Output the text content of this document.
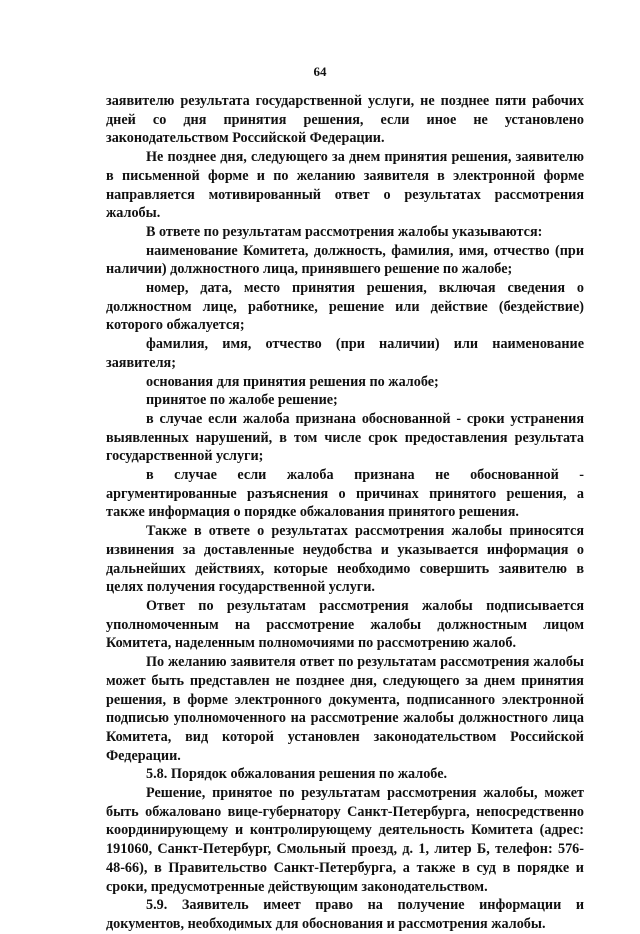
64

заявителю результата государственной услуги, не позднее пяти рабочих дней со дня принятия решения, если иное не установлено законодательством Российской Федерации.

Не позднее дня, следующего за днем принятия решения, заявителю в письменной форме и по желанию заявителя в электронной форме направляется мотивированный ответ о результатах рассмотрения жалобы.

В ответе по результатам рассмотрения жалобы указываются:

наименование Комитета, должность, фамилия, имя, отчество (при наличии) должностного лица, принявшего решение по жалобе;

номер, дата, место принятия решения, включая сведения о должностном лице, работнике, решение или действие (бездействие) которого обжалуется;

фамилия, имя, отчество (при наличии) или наименование заявителя;

основания для принятия решения по жалобе;

принятое по жалобе решение;

в случае если жалоба признана обоснованной - сроки устранения выявленных нарушений, в том числе срок предоставления результата государственной услуги;

в случае если жалоба признана не обоснованной - аргументированные разъяснения о причинах принятого решения, а также информация о порядке обжалования принятого решения.

Также в ответе о результатах рассмотрения жалобы приносятся извинения за доставленные неудобства и указывается информация о дальнейших действиях, которые необходимо совершить заявителю в целях получения государственной услуги.

Ответ по результатам рассмотрения жалобы подписывается уполномоченным на рассмотрение жалобы должностным лицом Комитета, наделенным полномочиями по рассмотрению жалоб.

По желанию заявителя ответ по результатам рассмотрения жалобы может быть представлен не позднее дня, следующего за днем принятия решения, в форме электронного документа, подписанного электронной подписью уполномоченного на рассмотрение жалобы должностного лица Комитета, вид которой установлен законодательством Российской Федерации.

5.8. Порядок обжалования решения по жалобе.

Решение, принятое по результатам рассмотрения жалобы, может быть обжаловано вице-губернатору Санкт-Петербурга, непосредственно координирующему и контролирующему деятельность Комитета (адрес: 191060, Санкт-Петербург, Смольный проезд, д. 1, литер Б, телефон: 576-48-66), в Правительство Санкт-Петербурга, а также в суд в порядке и сроки, предусмотренные действующим законодательством.

5.9. Заявитель имеет право на получение информации и документов, необходимых для обоснования и рассмотрения жалобы.
